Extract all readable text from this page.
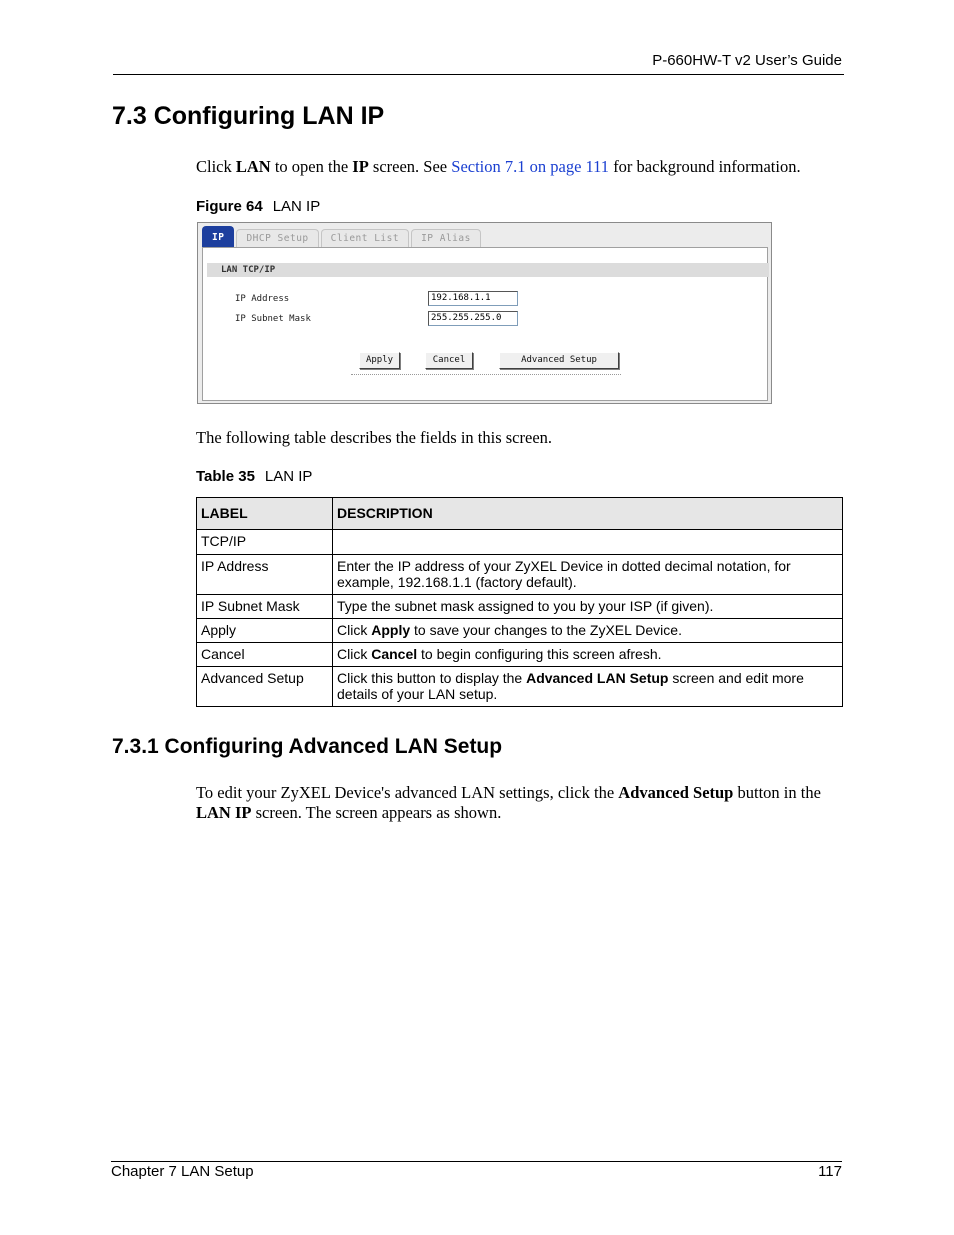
P-660HW-T v2 User’s Guide
7.3 Configuring LAN IP
Click LAN to open the IP screen. See Section 7.1 on page 111 for background information.
Figure 64 LAN IP
IP	DHCP Setup	Client List	IP Alias
LAN TCP/IP
IP Address	192.168.1.1
IP Subnet Mask	255.255.255.0
Apply	Cancel	Advanced Setup
The following table describes the fields in this screen.
Table 35 LAN IP
LABEL	DESCRIPTION
TCP/IP	
IP Address	Enter the IP address of your ZyXEL Device in dotted decimal notation, for example, 192.168.1.1 (factory default).
IP Subnet Mask	Type the subnet mask assigned to you by your ISP (if given).
Apply	Click Apply to save your changes to the ZyXEL Device.
Cancel	Click Cancel to begin configuring this screen afresh.
Advanced Setup	Click this button to display the Advanced LAN Setup screen and edit more details of your LAN setup.
7.3.1 Configuring Advanced LAN Setup
To edit your ZyXEL Device's advanced LAN settings, click the Advanced Setup button in the LAN IP screen. The screen appears as shown.
Chapter 7 LAN Setup	117
